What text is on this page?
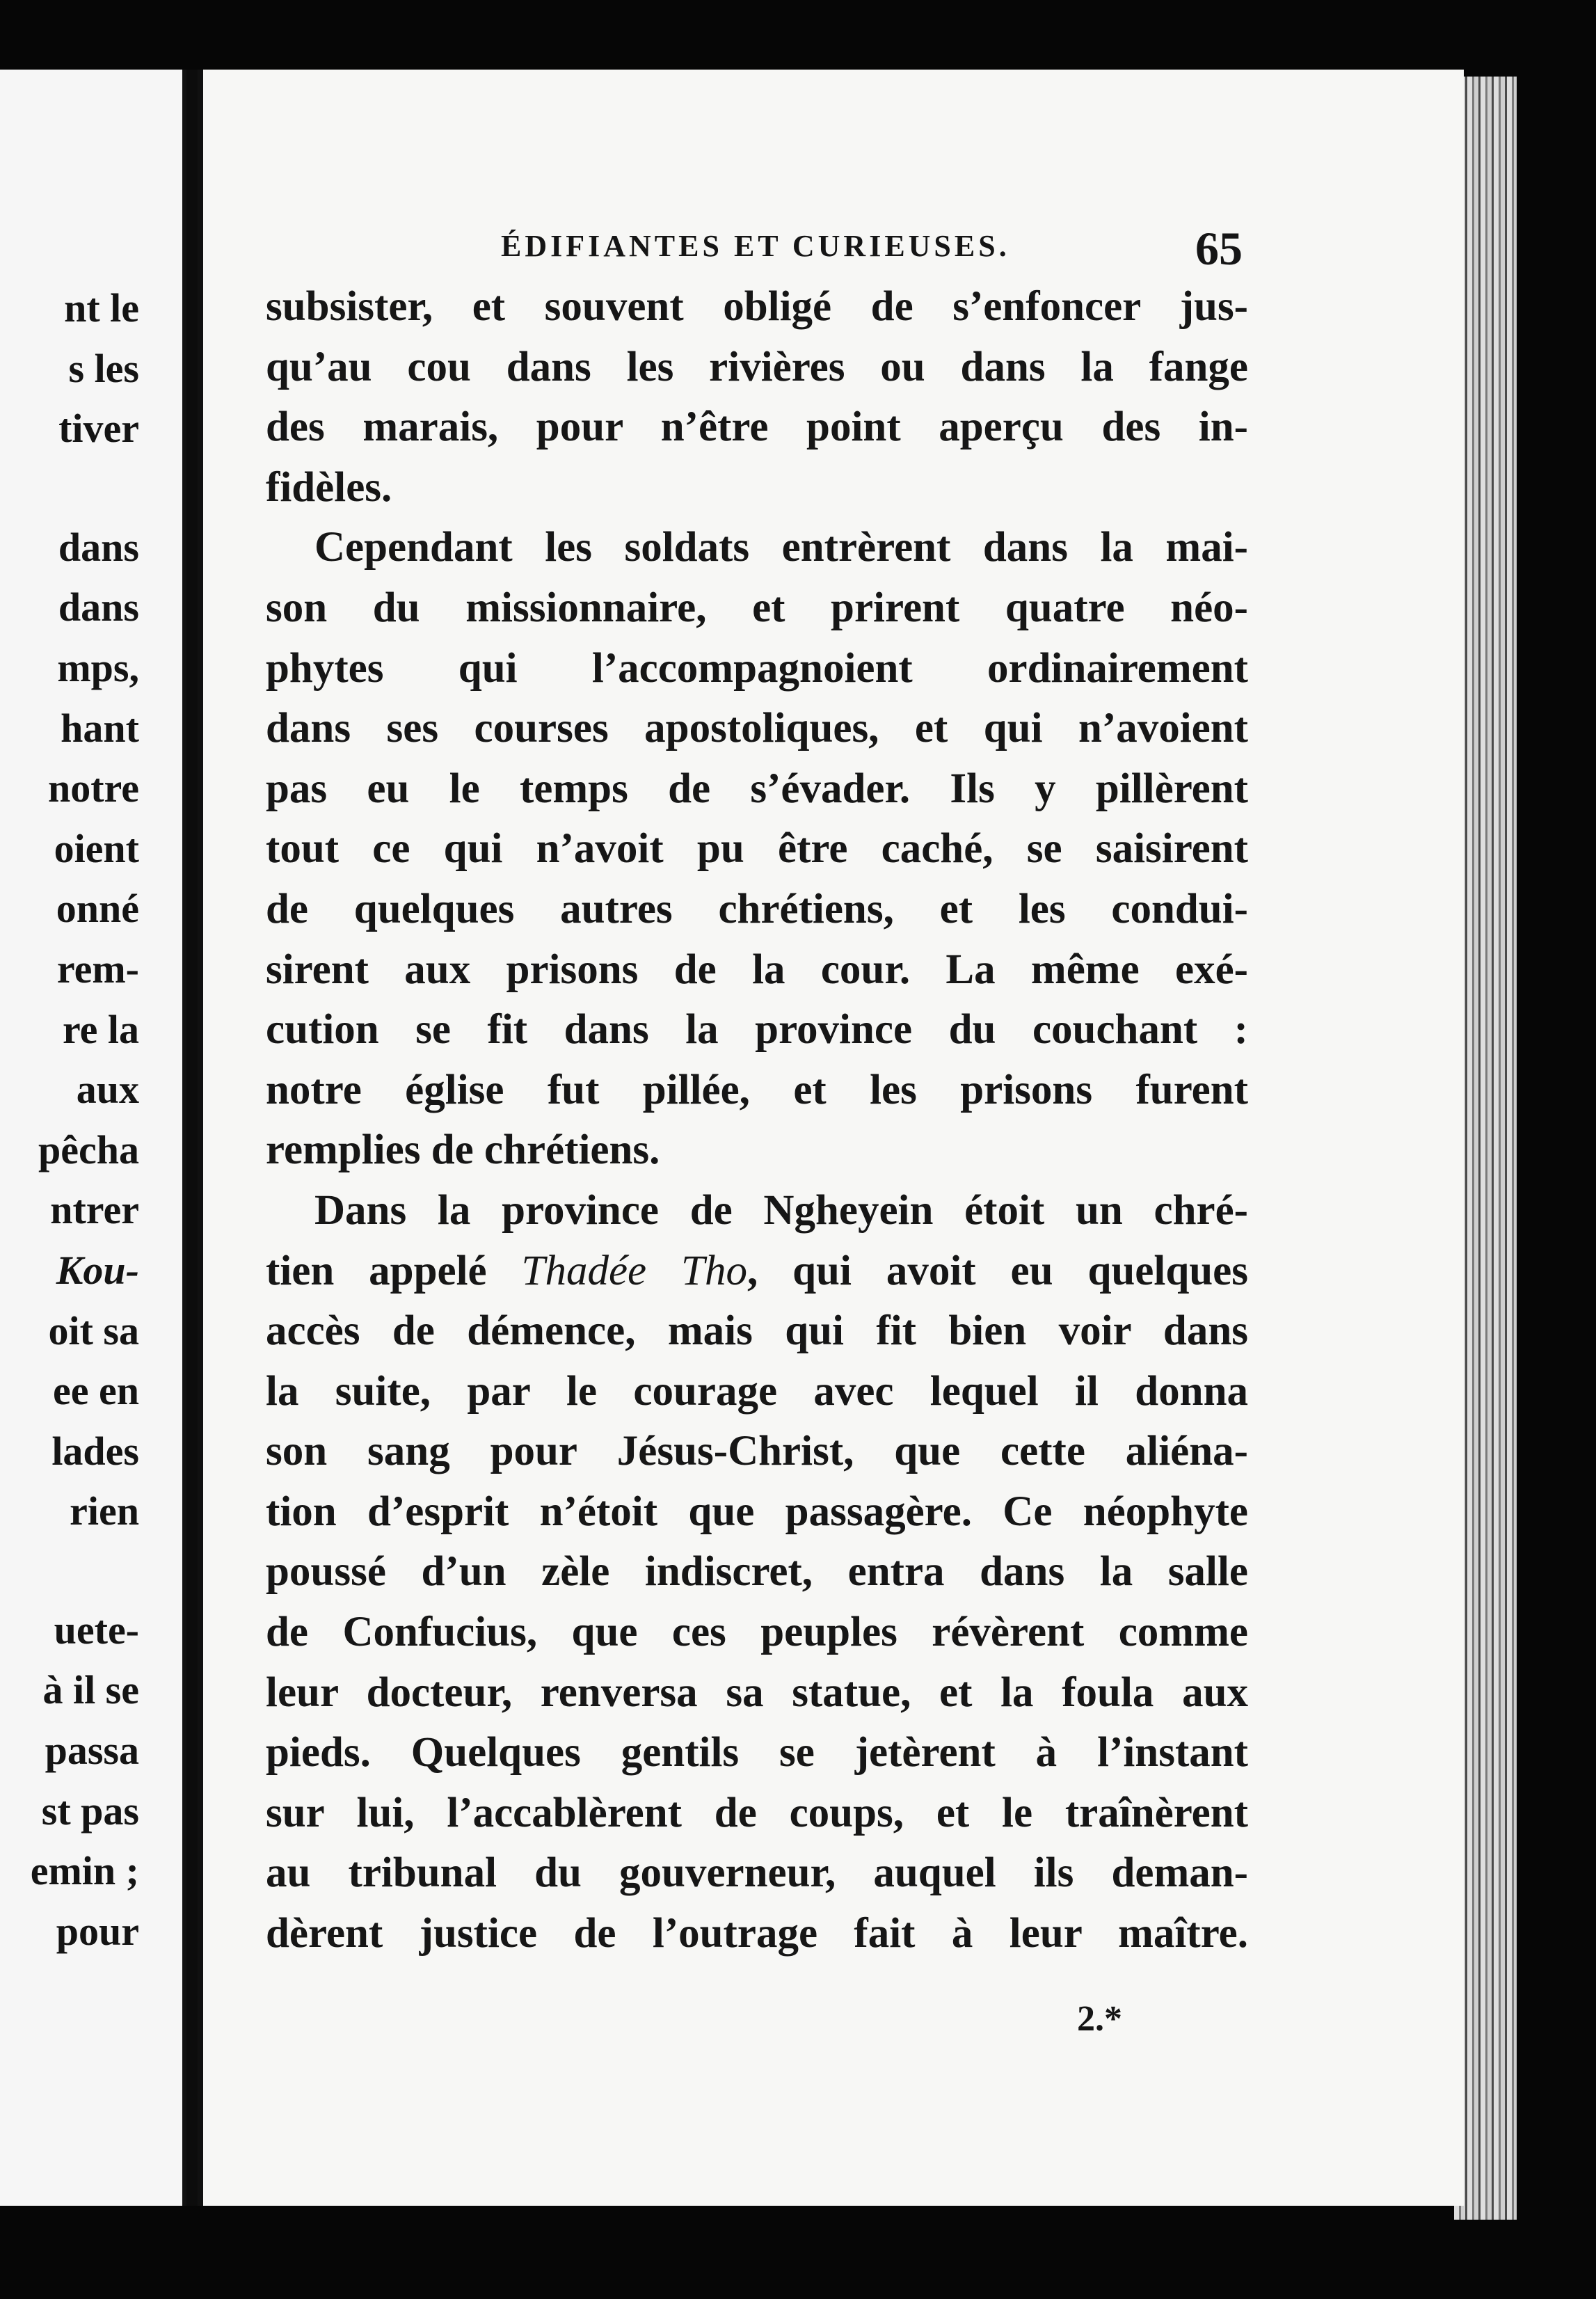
nt le
s les
tiver
dans
dans
mps,
hant
notre
oient
onné
rem-
re la
aux
pêcha
ntrer
Kou-
oit sa
ee en
lades
rien
uete-
à il se
passa
st pas
emin ;
pour
ÉDIFIANTES ET CURIEUSES.	65

subsister, et souvent obligé de s’enfoncer jus-
qu’au cou dans les rivières ou dans la fange
des marais, pour n’être point aperçu des in-
fidèles.

Cependant les soldats entrèrent dans la mai-
son du missionnaire, et prirent quatre néo-
phytes qui l’accompagnoient ordinairement
dans ses courses apostoliques, et qui n’avoient
pas eu le temps de s’évader. Ils y pillèrent
tout ce qui n’avoit pu être caché, se saisirent
de quelques autres chrétiens, et les condui-
sirent aux prisons de la cour. La même exé-
cution se fit dans la province du couchant :
notre église fut pillée, et les prisons furent
remplies de chrétiens.

Dans la province de Ngheyein étoit un chré-
tien appelé Thadée Tho, qui avoit eu quelques
accès de démence, mais qui fit bien voir dans
la suite, par le courage avec lequel il donna
son sang pour Jésus-Christ, que cette aliéna-
tion d’esprit n’étoit que passagère. Ce néophyte
poussé d’un zèle indiscret, entra dans la salle
de Confucius, que ces peuples révèrent comme
leur docteur, renversa sa statue, et la foula aux
pieds. Quelques gentils se jetèrent à l’instant
sur lui, l’accablèrent de coups, et le traînèrent
au tribunal du gouverneur, auquel ils deman-
dèrent justice de l’outrage fait à leur maître.

2.*
